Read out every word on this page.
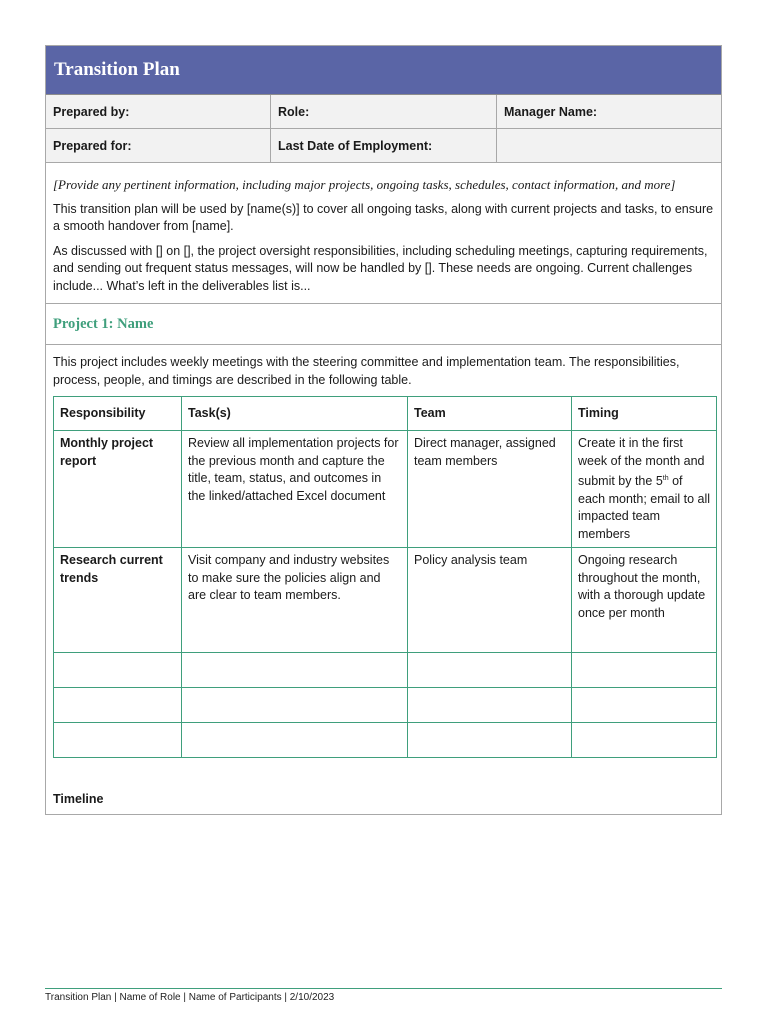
Transition Plan
Prepared by:	Role:	Manager Name:
Prepared for:	Last Date of Employment:

[Provide any pertinent information, including major projects, ongoing tasks, schedules, contact information, and more]

This transition plan will be used by [name(s)] to cover all ongoing tasks, along with current projects and tasks, to ensure a smooth handover from [name].

As discussed with [] on [], the project oversight responsibilities, including scheduling meetings, capturing requirements, and sending out frequent status messages, will now be handled by []. These needs are ongoing. Current challenges include... What’s left in the deliverables list is...

Project 1: Name

This project includes weekly meetings with the steering committee and implementation team. The responsibilities, process, people, and timings are described in the following table.

Responsibility	Task(s)	Team	Timing
Monthly project report	Review all implementation projects for the previous month and capture the title, team, status, and outcomes in the linked/attached Excel document	Direct manager, assigned team members	Create it in the first week of the month and submit by the 5th of each month; email to all impacted team members
Research current trends	Visit company and industry websites to make sure the policies align and are clear to team members.	Policy analysis team	Ongoing research throughout the month, with a thorough update once per month

Timeline
Transition Plan | Name of Role | Name of Participants | 2/10/2023
